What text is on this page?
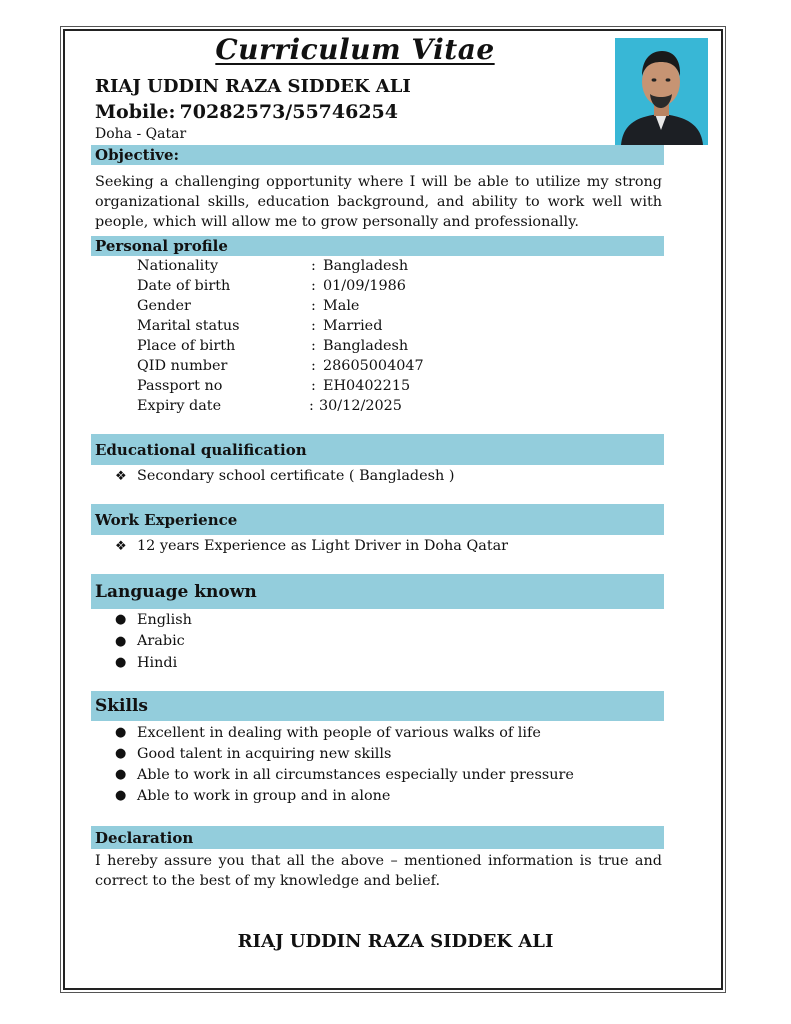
Curriculum Vitae
RIAJ UDDIN RAZA SIDDEK ALI
Mobile: 70282573/55746254
Doha - Qatar
Objective:
Seeking a challenging opportunity where I will be able to utilize my strong organizational skills, education background, and ability to work well with people, which will allow me to grow personally and professionally.
Personal profile
Nationality	: Bangladesh
Date of birth	: 01/09/1986
Gender	: Male
Marital status	: Married
Place of birth	: Bangladesh
QID number	: 28605004047
Passport no	: EH0402215
Expiry date	: 30/12/2025
Educational qualification
❖ Secondary school certificate ( Bangladesh )
Work Experience
❖ 12 years Experience as Light Driver in Doha Qatar
Language known
● English
● Arabic
● Hindi
Skills
● Excellent in dealing with people of various walks of life
● Good talent in acquiring new skills
● Able to work in all circumstances especially under pressure
● Able to work in group and in alone
Declaration
I hereby assure you that all the above – mentioned information is true and correct to the best of my knowledge and belief.
RIAJ UDDIN RAZA SIDDEK ALI
